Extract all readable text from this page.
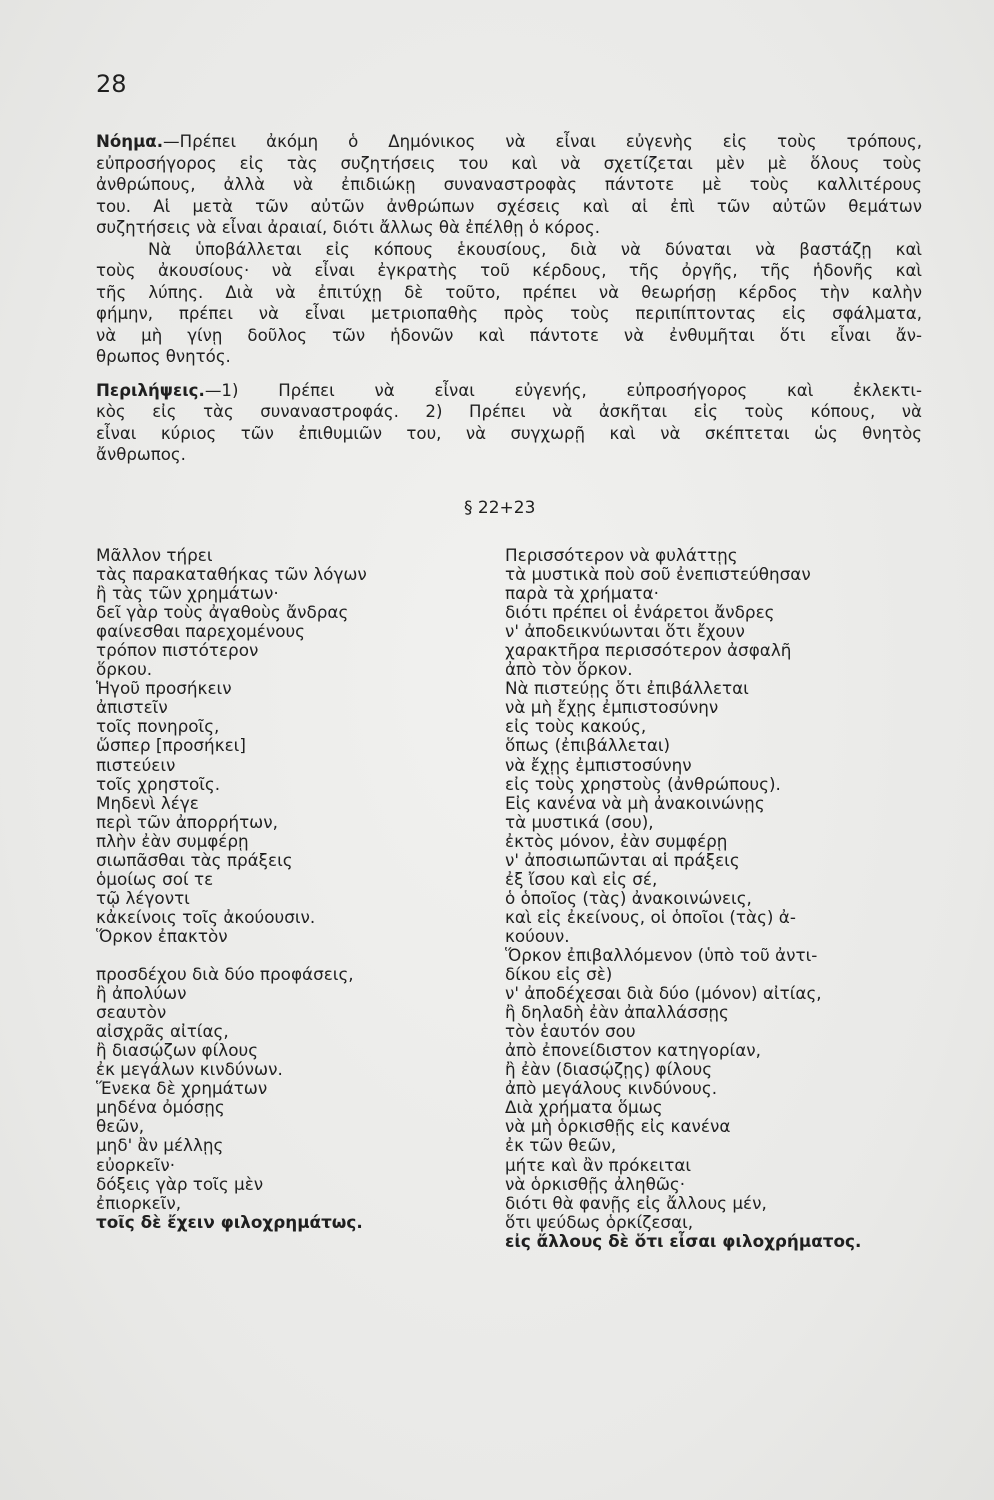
28
Νόημα.—Πρέπει ἀκόμη ὁ Δημόνικος νὰ εἶναι εὐγενὴς εἰς τοὺς τρόπους,
εὐπροσήγορος εἰς τὰς συζητήσεις του καὶ νὰ σχετίζεται μὲν μὲ ὅλους τοὺς
ἀνθρώπους, ἀλλὰ νὰ ἐπιδιώκῃ συναναστροφὰς πάντοτε μὲ τοὺς καλλιτέρους
του. Αἱ μετὰ τῶν αὐτῶν ἀνθρώπων σχέσεις καὶ αἱ ἐπὶ τῶν αὐτῶν θεμάτων
συζητήσεις νὰ εἶναι ἀραιαί, διότι ἄλλως θὰ ἐπέλθῃ ὁ κόρος.
Νὰ ὑποβάλλεται εἰς κόπους ἑκουσίους, διὰ νὰ δύναται νὰ βαστάζῃ καὶ
τοὺς ἀκουσίους· νὰ εἶναι ἐγκρατὴς τοῦ κέρδους, τῆς ὀργῆς, τῆς ἡδονῆς καὶ
τῆς λύπης. Διὰ νὰ ἐπιτύχῃ δὲ τοῦτο, πρέπει νὰ θεωρήσῃ κέρδος τὴν καλὴν
φήμην, πρέπει νὰ εἶναι μετριοπαθὴς πρὸς τοὺς περιπίπτοντας εἰς σφάλματα,
νὰ μὴ γίνῃ δοῦλος τῶν ἡδονῶν καὶ πάντοτε νὰ ἐνθυμῆται ὅτι εἶναι ἄν-
θρωπος θνητός.
Περιλήψεις.—1) Πρέπει νὰ εἶναι εὐγενής, εὐπροσήγορος καὶ ἐκλεκτι-
κὸς εἰς τὰς συναναστροφάς. 2) Πρέπει νὰ ἀσκῆται εἰς τοὺς κόπους, νὰ
εἶναι κύριος τῶν ἐπιθυμιῶν του, νὰ συγχωρῇ καὶ νὰ σκέπτεται ὡς θνητὸς
ἄνθρωπος.
§ 22+23
Μᾶλλον τήρει
τὰς παρακαταθήκας τῶν λόγων
ἢ τὰς τῶν χρημάτων·
δεῖ γὰρ τοὺς ἀγαθοὺς ἄνδρας
φαίνεσθαι παρεχομένους
τρόπον πιστότερον
ὅρκου.
Ἡγοῦ προσήκειν
ἀπιστεῖν
τοῖς πονηροῖς,
ὥσπερ [προσήκει]
πιστεύειν
τοῖς χρηστοῖς.
Μηδενὶ λέγε
περὶ τῶν ἀπορρήτων,
πλὴν ἐὰν συμφέρῃ
σιωπᾶσθαι τὰς πράξεις
ὁμοίως σοί τε
τῷ λέγοντι
κἀκείνοις τοῖς ἀκούουσιν.
Ὅρκον ἐπακτὸν

προσδέχου διὰ δύο προφάσεις,
ἢ ἀπολύων
σεαυτὸν
αἰσχρᾶς αἰτίας,
ἢ διασῴζων φίλους
ἐκ μεγάλων κινδύνων.
Ἕνεκα δὲ χρημάτων
μηδένα ὀμόσῃς
θεῶν,
μηδ' ἂν μέλλῃς
εὐορκεῖν·
δόξεις γὰρ τοῖς μὲν
ἐπιορκεῖν,
τοῖς δὲ ἔχειν φιλοχρημάτως.
Περισσότερον νὰ φυλάττῃς
τὰ μυστικὰ ποὺ σοῦ ἐνεπιστεύθησαν
παρὰ τὰ χρήματα·
διότι πρέπει οἱ ἐνάρετοι ἄνδρες
ν' ἀποδεικνύωνται ὅτι ἔχουν
χαρακτῆρα περισσότερον ἀσφαλῆ
ἀπὸ τὸν ὅρκον.
Νὰ πιστεύῃς ὅτι ἐπιβάλλεται
νὰ μὴ ἔχῃς ἐμπιστοσύνην
εἰς τοὺς κακούς,
ὅπως (ἐπιβάλλεται)
νὰ ἔχῃς ἐμπιστοσύνην
εἰς τοὺς χρηστοὺς (ἀνθρώπους).
Εἰς κανένα νὰ μὴ ἀνακοινώνῃς
τὰ μυστικά (σου),
ἐκτὸς μόνον, ἐὰν συμφέρῃ
ν' ἀποσιωπῶνται αἱ πράξεις
ἐξ ἴσου καὶ εἰς σέ,
ὁ ὁποῖος (τὰς) ἀνακοινώνεις,
καὶ εἰς ἐκείνους, οἱ ὁποῖοι (τὰς) ἀ-
κούουν.
Ὅρκον ἐπιβαλλόμενον (ὑπὸ τοῦ ἀντι-
δίκου εἰς σὲ)
ν' ἀποδέχεσαι διὰ δύο (μόνον) αἰτίας,
ἢ δηλαδὴ ἐὰν ἀπαλλάσσῃς
τὸν ἑαυτόν σου
ἀπὸ ἐπονείδιστον κατηγορίαν,
ἢ ἐὰν (διασῴζῃς) φίλους
ἀπὸ μεγάλους κινδύνους.
Διὰ χρήματα ὅμως
νὰ μὴ ὁρκισθῇς εἰς κανένα
ἐκ τῶν θεῶν,
μήτε καὶ ἂν πρόκειται
νὰ ὁρκισθῇς ἀληθῶς·
διότι θὰ φανῇς εἰς ἄλλους μέν,
ὅτι ψεύδως ὁρκίζεσαι,
εἰς ἄλλους δὲ ὅτι εἶσαι φιλοχρήματος.
